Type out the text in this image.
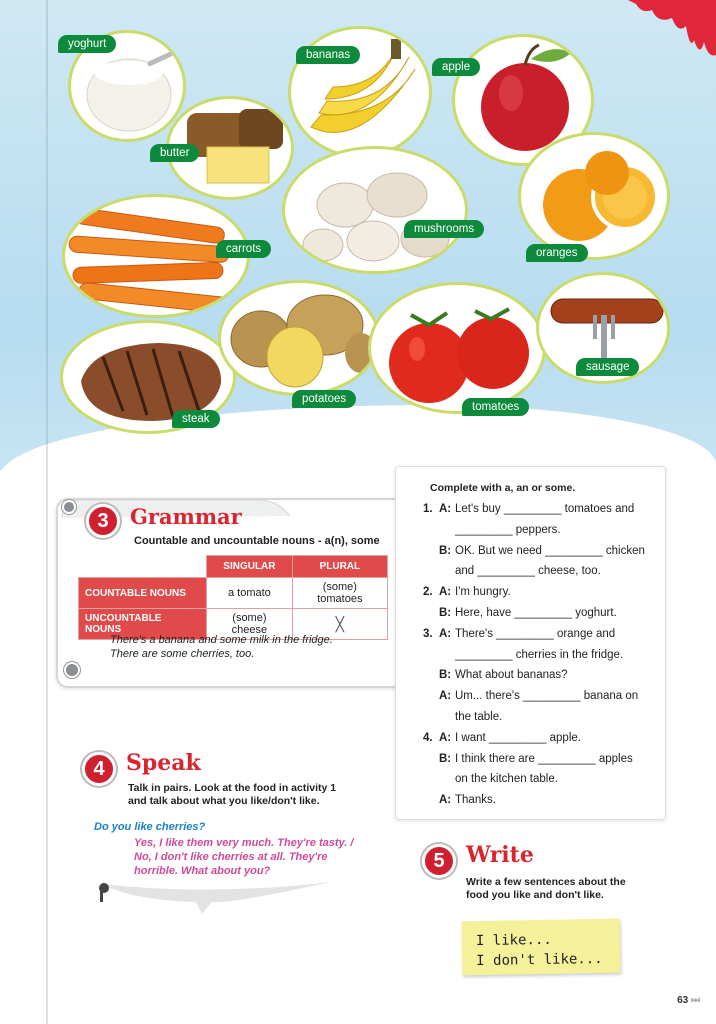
yoghurt
butter
bananas
apple
mushrooms
oranges
carrots
steak
potatoes
tomatoes
sausage
3	Grammar
Countable and uncountable nouns - a(n), some
	SINGULAR	PLURAL
COUNTABLE NOUNS	a tomato	(some) tomatoes
UNCOUNTABLE NOUNS	(some) cheese	╳
There's a banana and some milk in the fridge.
There are some cherries, too.
Complete with a, an or some.
1. A: Let's buy _________ tomatoes and
_________ peppers.
B: OK. But we need _________ chicken
and _________ cheese, too.
2. A: I'm hungry.
B: Here, have _________ yoghurt.
3. A: There's _________ orange and
_________ cherries in the fridge.
B: What about bananas?
A: Um... there's _________ banana on
the table.
4. A: I want _________ apple.
B: I think there are _________ apples
on the kitchen table.
A: Thanks.
4 Speak
Talk in pairs. Look at the food in activity 1
and talk about what you like/don't like.
Do you like cherries?
Yes, I like them very much. They're tasty. /
No, I don't like cherries at all. They're
horrible. What about you?	5 Write
Write a few sentences about the
food you like and don't like.
I like...
I don't like...
63 ⏭
